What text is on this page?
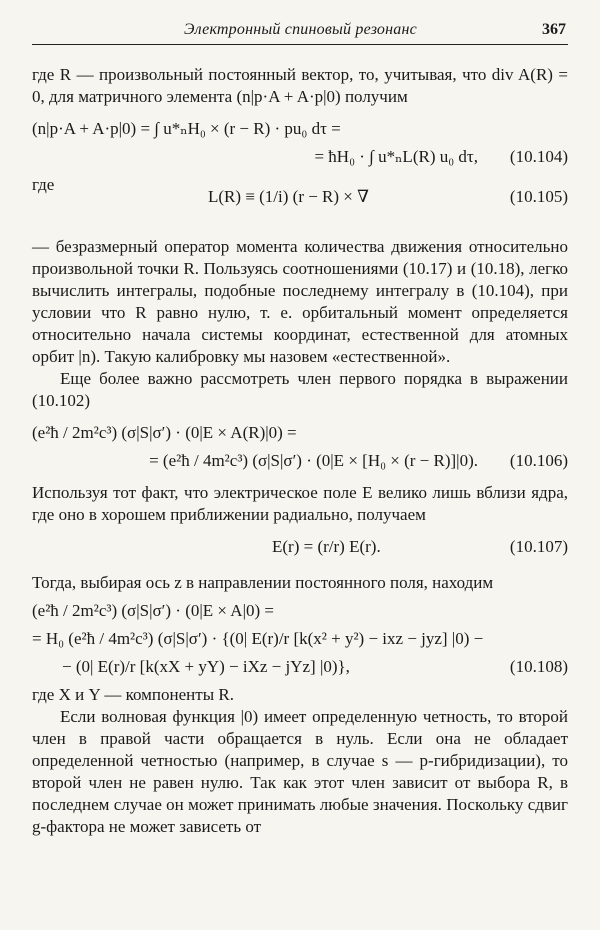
Электронный спиновый резонанс	367

где R — произвольный постоянный вектор, то, учитывая, что div A(R) = 0, для матричного элемента (n|p·A + A·p|0) получим

(n|p·A + A·p|0) = ∫ u*ₙH₀ × (r − R) · pu₀ dτ =
= ħH₀ · ∫ u*ₙL(R) u₀ dτ,	(10.104)
где
L(R) ≡ (1/i) (r − R) × ∇	(10.105)

— безразмерный оператор момента количества движения относительно произвольной точки R. Пользуясь соотношениями (10.17) и (10.18), легко вычислить интегралы, подобные последнему интегралу в (10.104), при условии что R равно нулю, т. е. орбитальный момент определяется относительно начала системы координат, естественной для атомных орбит |n). Такую калибровку мы назовем «естественной».

Еще более важно рассмотреть член первого порядка в выражении (10.102)

(e²ħ / 2m²c³) (σ|S|σ′) · (0|E × A(R)|0) =
= (e²ħ / 4m²c³) (σ|S|σ′) · (0|E × [H₀ × (r − R)]|0).	(10.106)

Используя тот факт, что электрическое поле E велико лишь вблизи ядра, где оно в хорошем приближении радиально, получаем

E(r) = (r/r) E(r).	(10.107)

Тогда, выбирая ось z в направлении постоянного поля, находим

(e²ħ / 2m²c³) (σ|S|σ′) · (0|E × A|0) =
= H₀ (e²ħ / 4m²c³) (σ|S|σ′) · {(0| E(r)/r [k(x² + y²) − ixz − jyz] |0) −
− (0| E(r)/r [k(xX + yY) − iXz − jYz] |0)},	(10.108)

где X и Y — компоненты R.

Если волновая функция |0) имеет определенную четность, то второй член в правой части обращается в нуль. Если она не обладает определенной четностью (например, в случае s — p-гибридизации), то второй член не равен нулю. Так как этот член зависит от выбора R, в последнем случае он может принимать любые значения. Поскольку сдвиг g-фактора не может зависеть от
